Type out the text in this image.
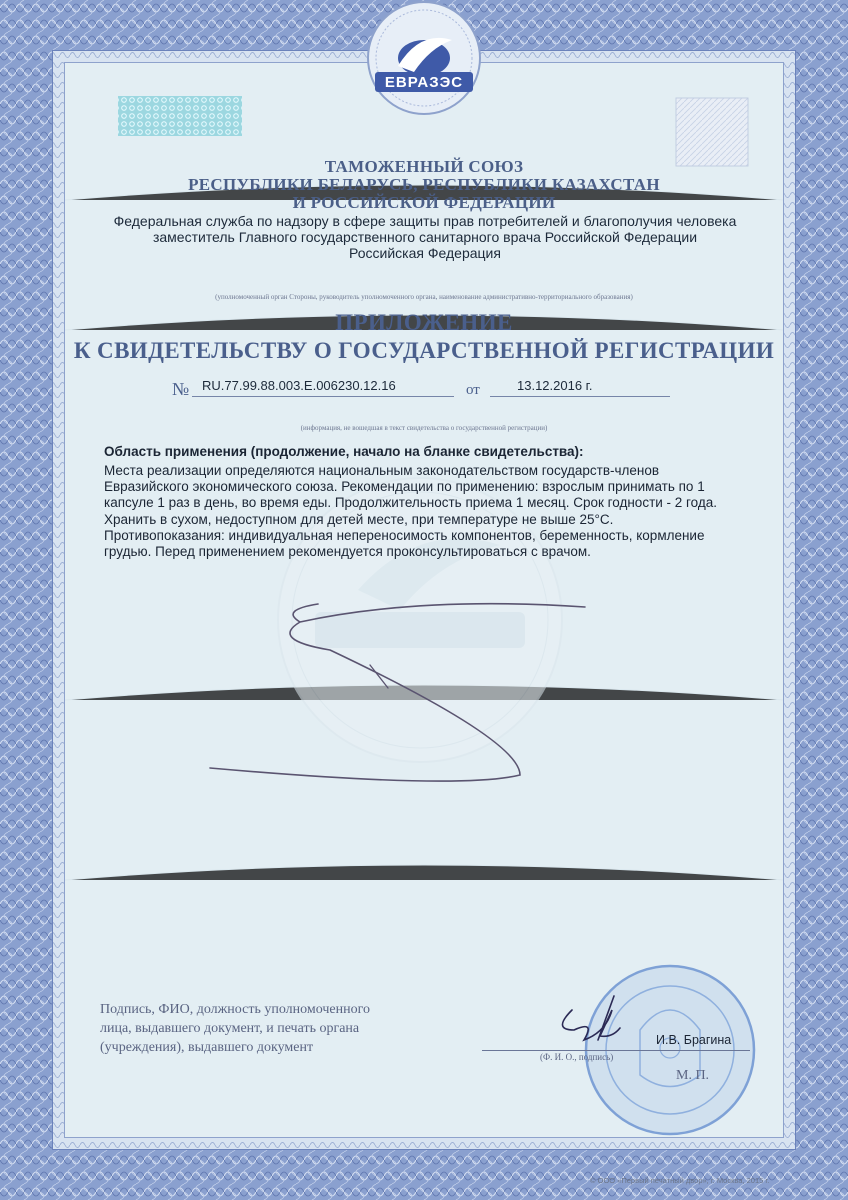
ЕВРАЗЭС
ТАМОЖЕННЫЙ СОЮЗ
РЕСПУБЛИКИ БЕЛАРУСЬ, РЕСПУБЛИКИ КАЗАХСТАН
И РОССИЙСКОЙ ФЕДЕРАЦИИ
Федеральная служба по надзору в сфере защиты прав потребителей и благополучия человека
заместитель Главного государственного санитарного врача Российской Федерации
Российская Федерация
(уполномоченный орган Стороны, руководитель уполномоченного органа, наименование административно-территориального образования)
ПРИЛОЖЕНИЕ
К СВИДЕТЕЛЬСТВУ О ГОСУДАРСТВЕННОЙ РЕГИСТРАЦИИ
№ RU.77.99.88.003.Е.006230.12.16	от	13.12.2016 г.
(информация, не вошедшая в текст свидетельства о государственной регистрации)
Область применения (продолжение, начало на бланке свидетельства):
Места реализации определяются национальным законодательством государств-членов
Евразийского экономического союза. Рекомендации по применению: взрослым принимать по 1
капсуле 1 раз в день, во время еды. Продолжительность приема 1 месяц. Срок годности - 2 года.
Хранить в сухом, недоступном для детей месте, при температуре не выше 25°С.
Противопоказания: индивидуальная непереносимость компонентов, беременность, кормление
грудью. Перед применением рекомендуется проконсультироваться с врачом.
Подпись, ФИО, должность уполномоченного
лица, выдавшего документ, и печать органа
(учреждения), выдавшего документ	И.В. Брагина
(Ф. И. О., подпись)
М. П.
© ООО «Первый печатный двор», г. Москва, 2015 г.
